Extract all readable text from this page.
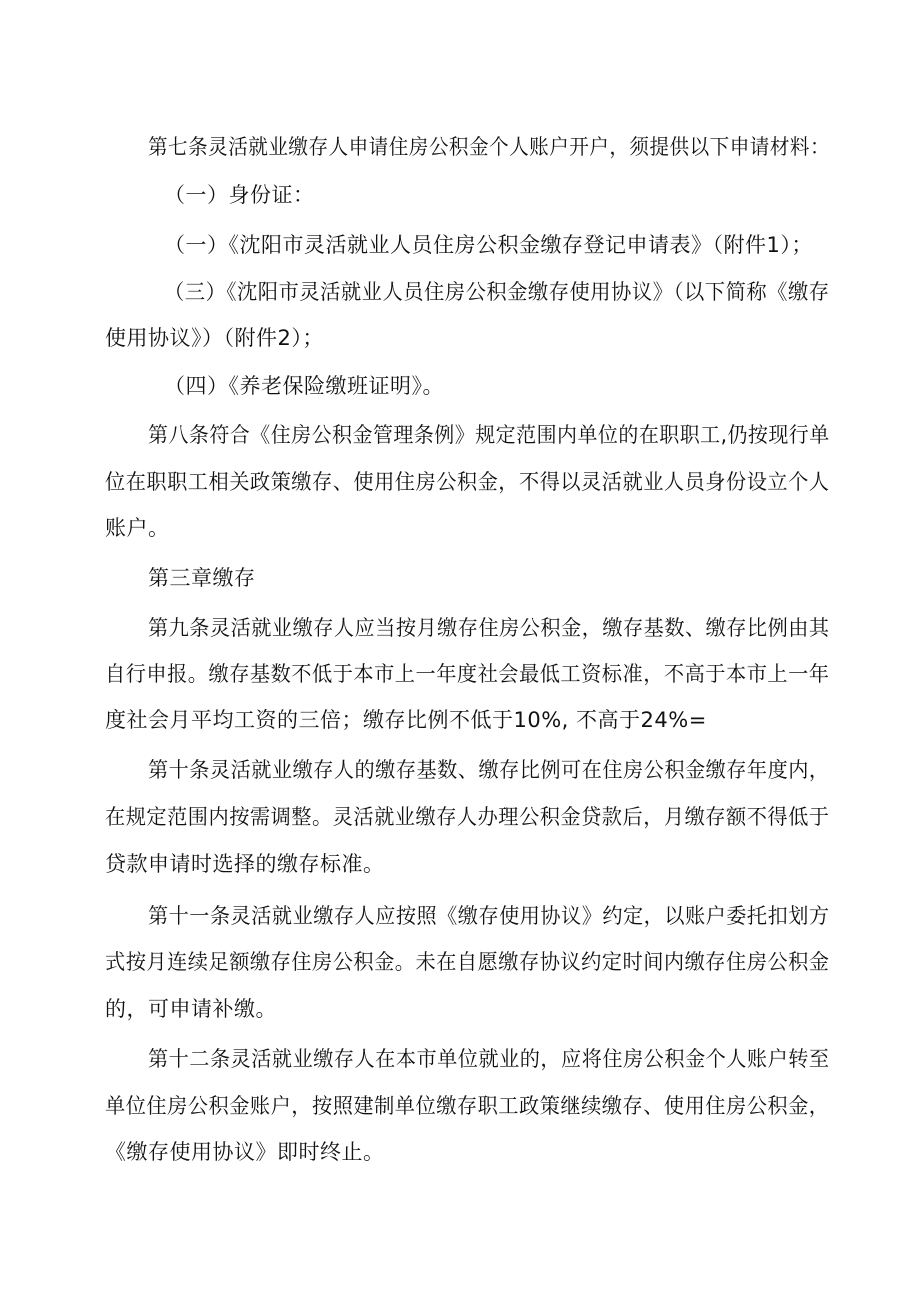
第七条灵活就业缴存人申请住房公积金个人账户开户，须提供以下申请材料：
（一）身份证：
（一）《沈阳市灵活就业人员住房公积金缴存登记申请表》（附件1）；
（三）《沈阳市灵活就业人员住房公积金缴存使用协议》（以下简称《缴存
使用协议》）（附件2）；
（四）《养老保险缴班证明》。
第八条符合《住房公积金管理条例》规定范围内单位的在职职工,仍按现行单
位在职职工相关政策缴存、使用住房公积金，不得以灵活就业人员身份设立个人
账户。
第三章缴存
第九条灵活就业缴存人应当按月缴存住房公积金，缴存基数、缴存比例由其
自行申报。缴存基数不低于本市上一年度社会最低工资标准，不高于本市上一年
度社会月平均工资的三倍；缴存比例不低于10%, 不高于24%=
第十条灵活就业缴存人的缴存基数、缴存比例可在住房公积金缴存年度内，
在规定范围内按需调整。灵活就业缴存人办理公积金贷款后，月缴存额不得低于
贷款申请时选择的缴存标准。
第十一条灵活就业缴存人应按照《缴存使用协议》约定，以账户委托扣划方
式按月连续足额缴存住房公积金。未在自愿缴存协议约定时间内缴存住房公积金
的，可申请补缴。
第十二条灵活就业缴存人在本市单位就业的，应将住房公积金个人账户转至
单位住房公积金账户，按照建制单位缴存职工政策继续缴存、使用住房公积金，
《缴存使用协议》即时终止。
